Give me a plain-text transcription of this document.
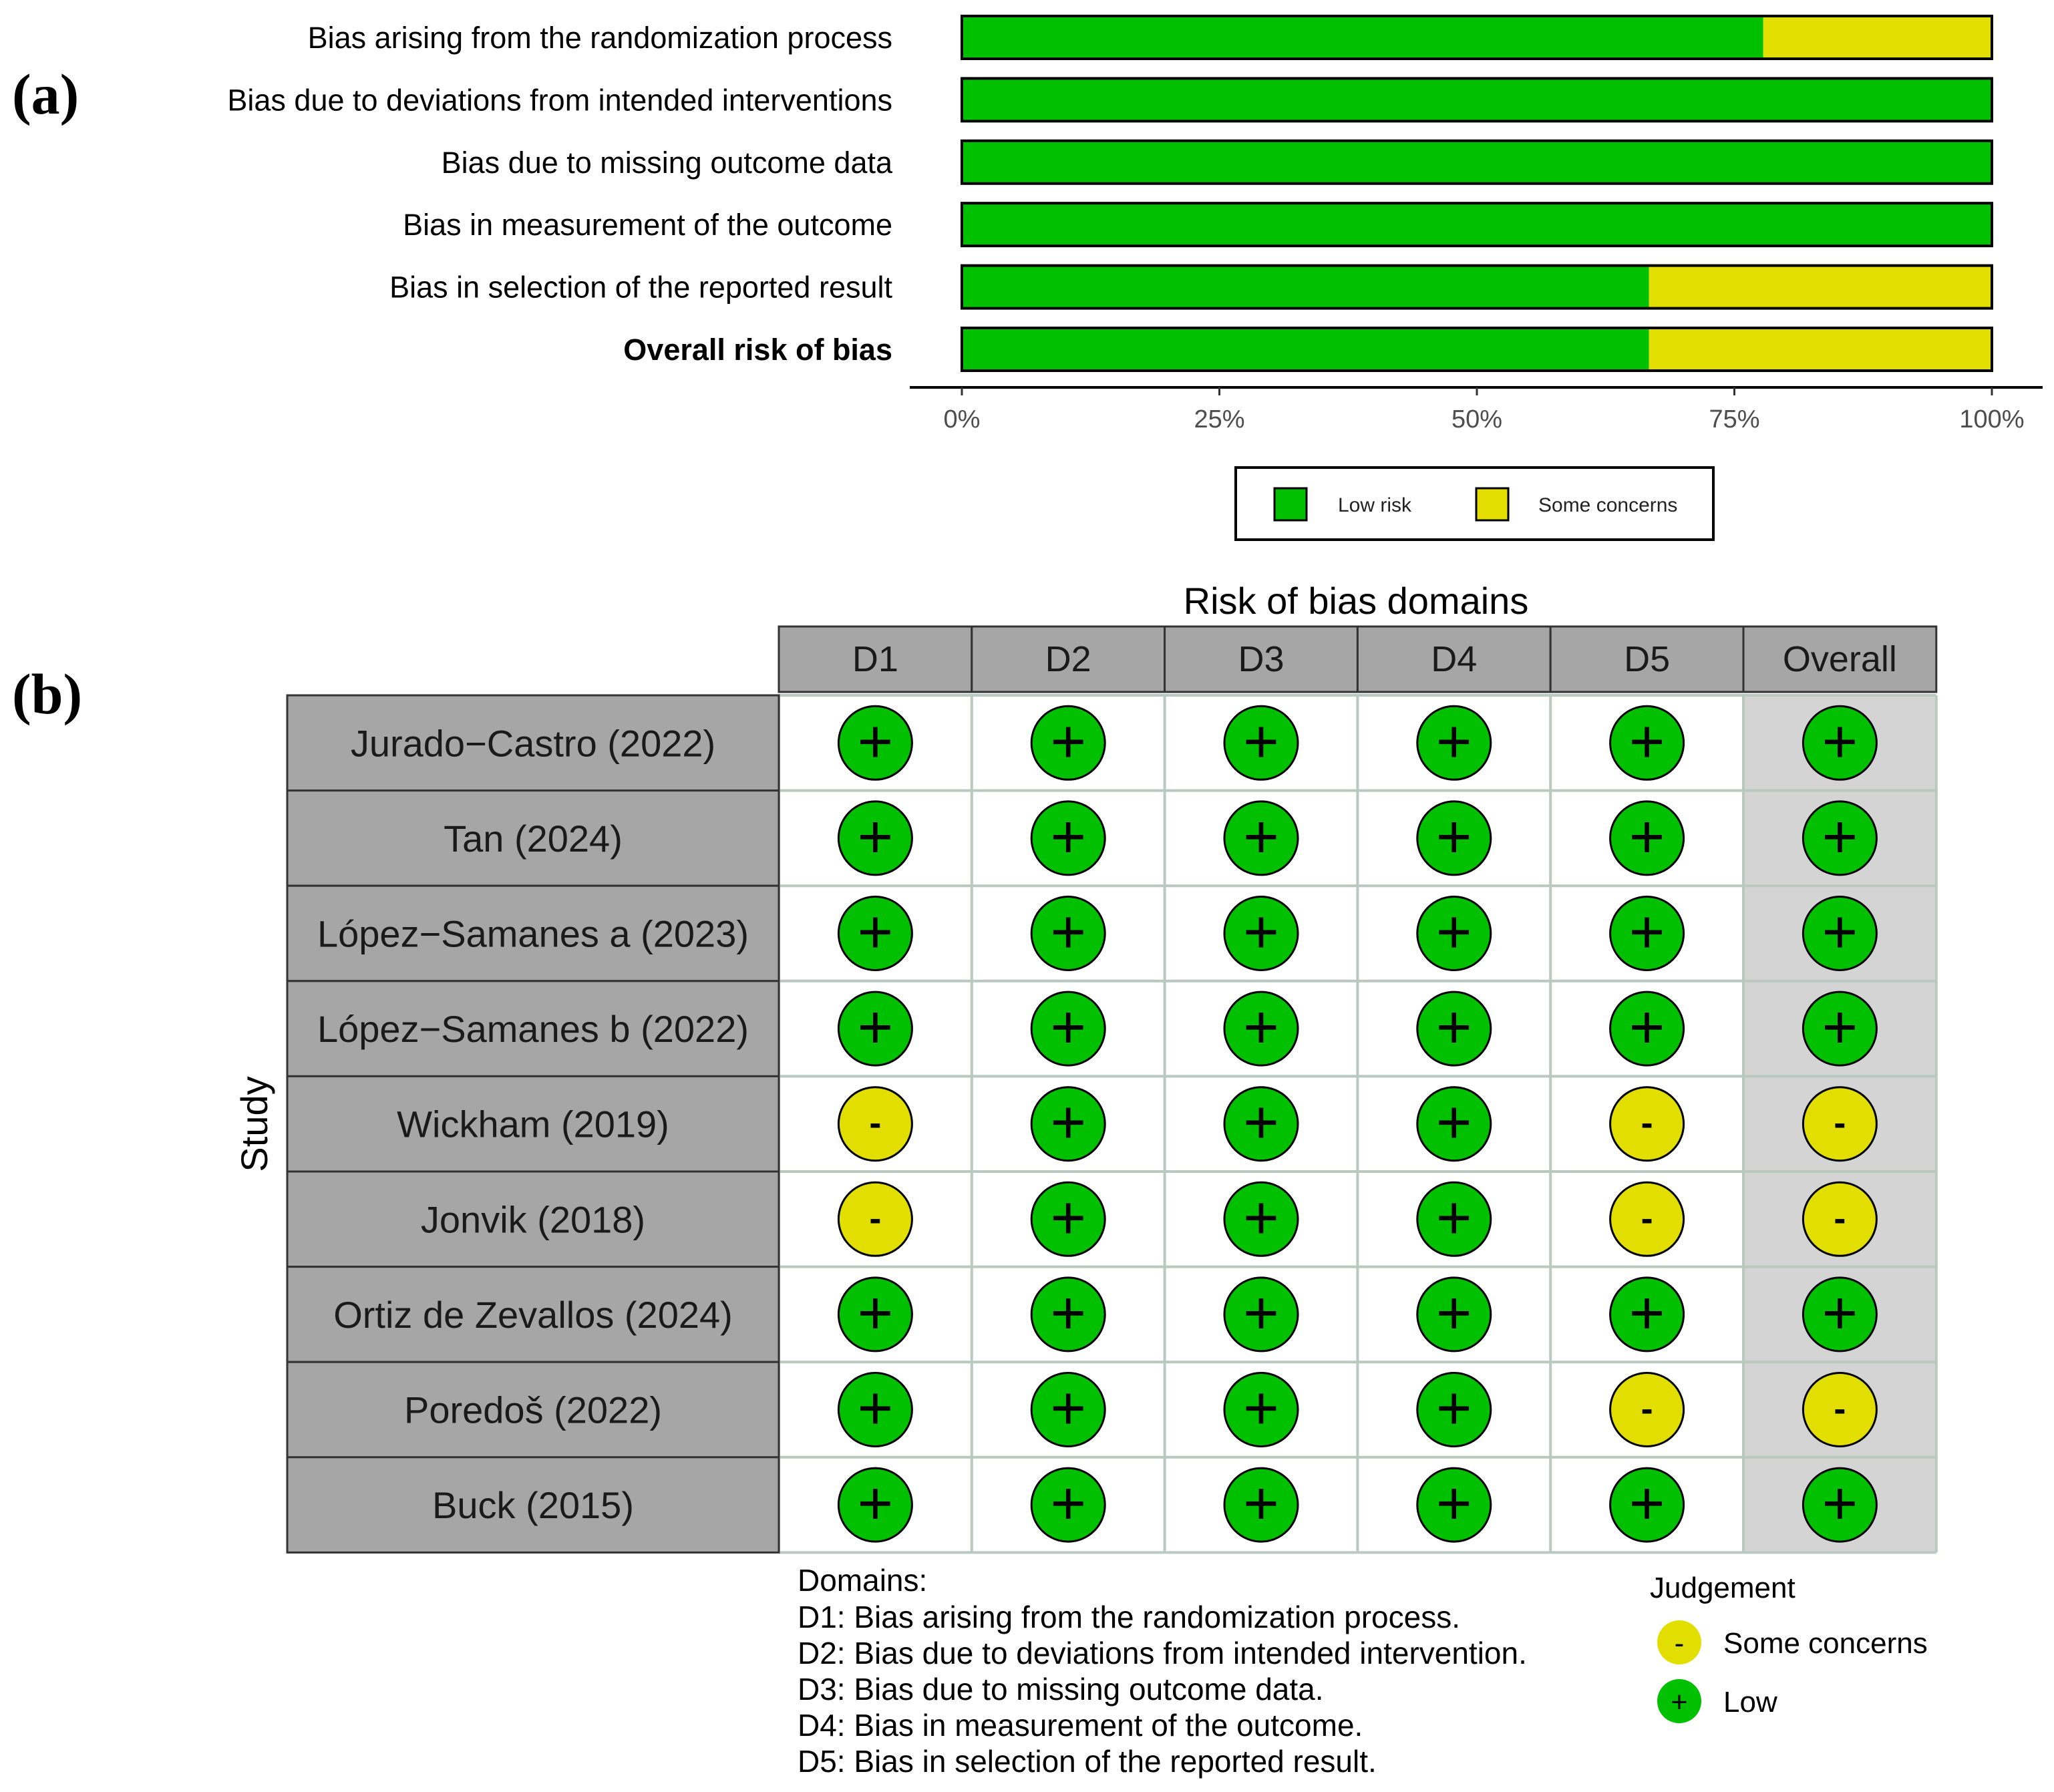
(a)
Bias arising from the randomization process
Bias due to deviations from intended interventions
Bias due to missing outcome data
Bias in measurement of the outcome
Bias in selection of the reported result
Overall risk of bias
0%	25%	50%	75%	100%
Low risk	Some concerns
(b)
Risk of bias domains
Study
D1	D2	D3	D4	D5	Overall
Jurado−Castro (2022) +	+	+	+	+	+
Tan (2024)	+	+	+	+	+	+
López−Samanes a (2023) +	+	+	+	+	+
López−Samanes b (2022) +	+	+	+	+	+
Wickham (2019)	-	+	+	+	-	-
Jonvik (2018)	-	+	+	+	-	-
Ortiz de Zevallos (2024) +	+	+	+	+	+
Poredoš (2022)	+	+	+	+	-	-
Buck (2015)	+	+	+	+	+	+
Domains:
D1: Bias arising from the randomization process.
D2: Bias due to deviations from intended intervention.
D3: Bias due to missing outcome data.
D4: Bias in measurement of the outcome.
D5: Bias in selection of the reported result.
Judgement
- Some concerns
+ Low
